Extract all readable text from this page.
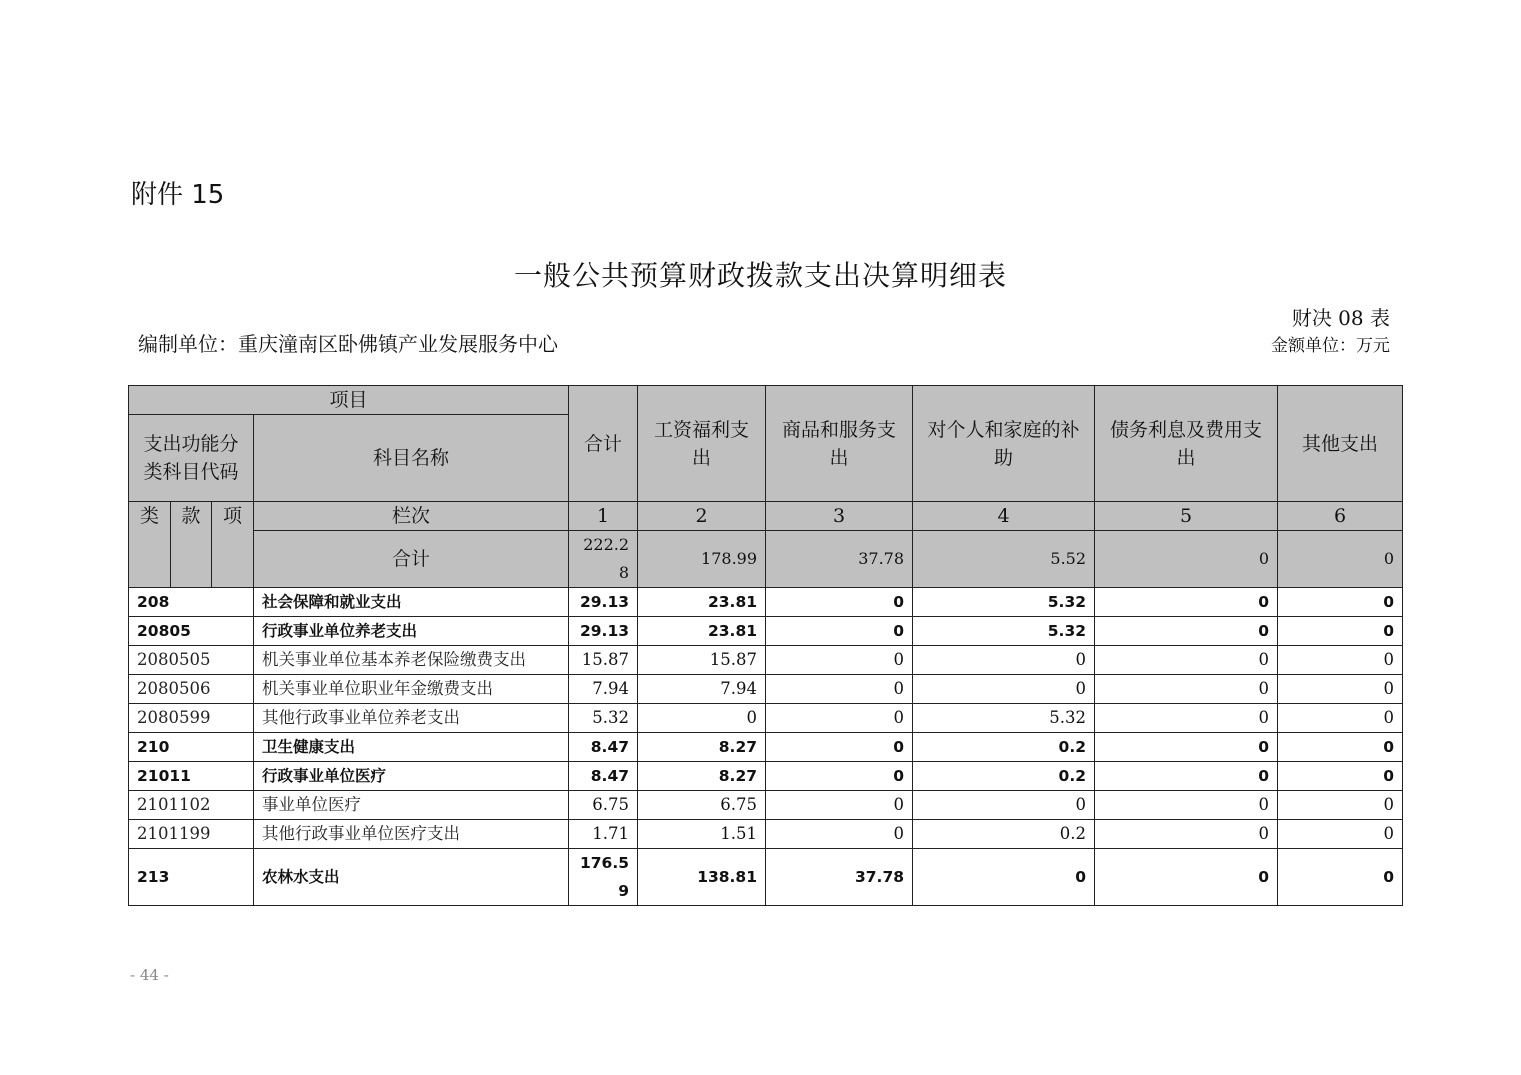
附件 15
一般公共预算财政拨款支出决算明细表
财决 08 表
编制单位：重庆潼南区卧佛镇产业发展服务中心	金额单位：万元
项目				合计	工资福利支出	商品和服务支出	对个人和家庭的补助	债务利息及费用支出	其他支出
支出功能分类科目代码			科目名称						
类	款	项	栏次	1	2	3	4	5	6
			合计	222.28	178.99	37.78	5.52	0	0
208			社会保障和就业支出	29.13	23.81	0	5.32	0	0
20805			行政事业单位养老支出	29.13	23.81	0	5.32	0	0
2080505			机关事业单位基本养老保险缴费支出	15.87	15.87	0	0	0	0
2080506			机关事业单位职业年金缴费支出	7.94	7.94	0	0	0	0
2080599			其他行政事业单位养老支出	5.32	0	0	5.32	0	0
210			卫生健康支出	8.47	8.27	0	0.2	0	0
21011			行政事业单位医疗	8.47	8.27	0	0.2	0	0
2101102			事业单位医疗	6.75	6.75	0	0	0	0
2101199			其他行政事业单位医疗支出	1.71	1.51	0	0.2	0	0
213			农林水支出	176.59	138.81	37.78	0	0	0
- 44 -
